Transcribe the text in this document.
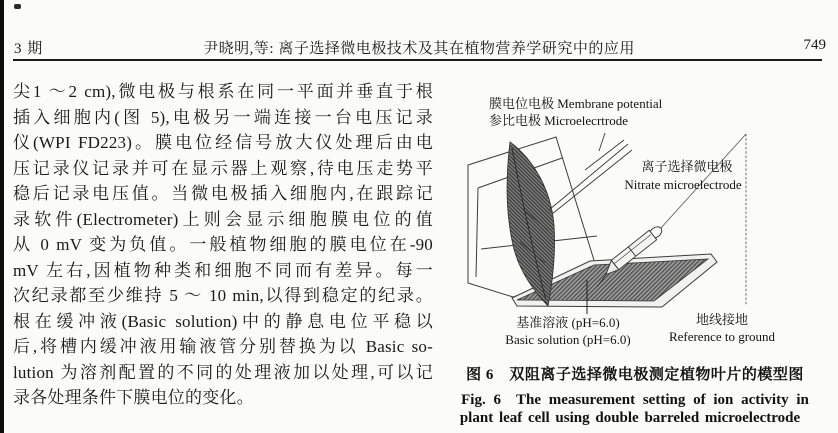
3 期	尹晓明,等: 离子选择微电极技术及其在植物营养学研究中的应用	749
尖1 ～2 cm),微电极与根系在同一平面并垂直于根
插入细胞内(图 5),电极另一端连接一台电压记录
仪(WPI FD223)。膜电位经信号放大仪处理后由电
压记录仪记录并可在显示器上观察,待电压走势平
稳后记录电压值。当微电极插入细胞内,在跟踪记
录软件(Electrometer)上则会显示细胞膜电位的值
从 0 mV 变为负值。一般植物细胞的膜电位在-90
mV 左右,因植物种类和细胞不同而有差异。每一
次纪录都至少维持 5 ～ 10 min,以得到稳定的纪录。
根在缓冲液(Basic solution)中的静息电位平稳以
后,将槽内缓冲液用输液管分别替换为以 Basic so-
lution 为溶剂配置的不同的处理液加以处理,可以记
录各处理条件下膜电位的变化。
膜电位电极 Membrane potential
参比电极 Microelecrtrode
离子选择微电极
Nitrate microelectrode
基准溶液 (pH=6.0)
Basic solution (pH=6.0)
地线接地
Reference to ground
图 6　双阻离子选择微电极测定植物叶片的模型图
Fig. 6　The measurement setting of ion activity in
plant leaf cell using double barreled microelectrode
